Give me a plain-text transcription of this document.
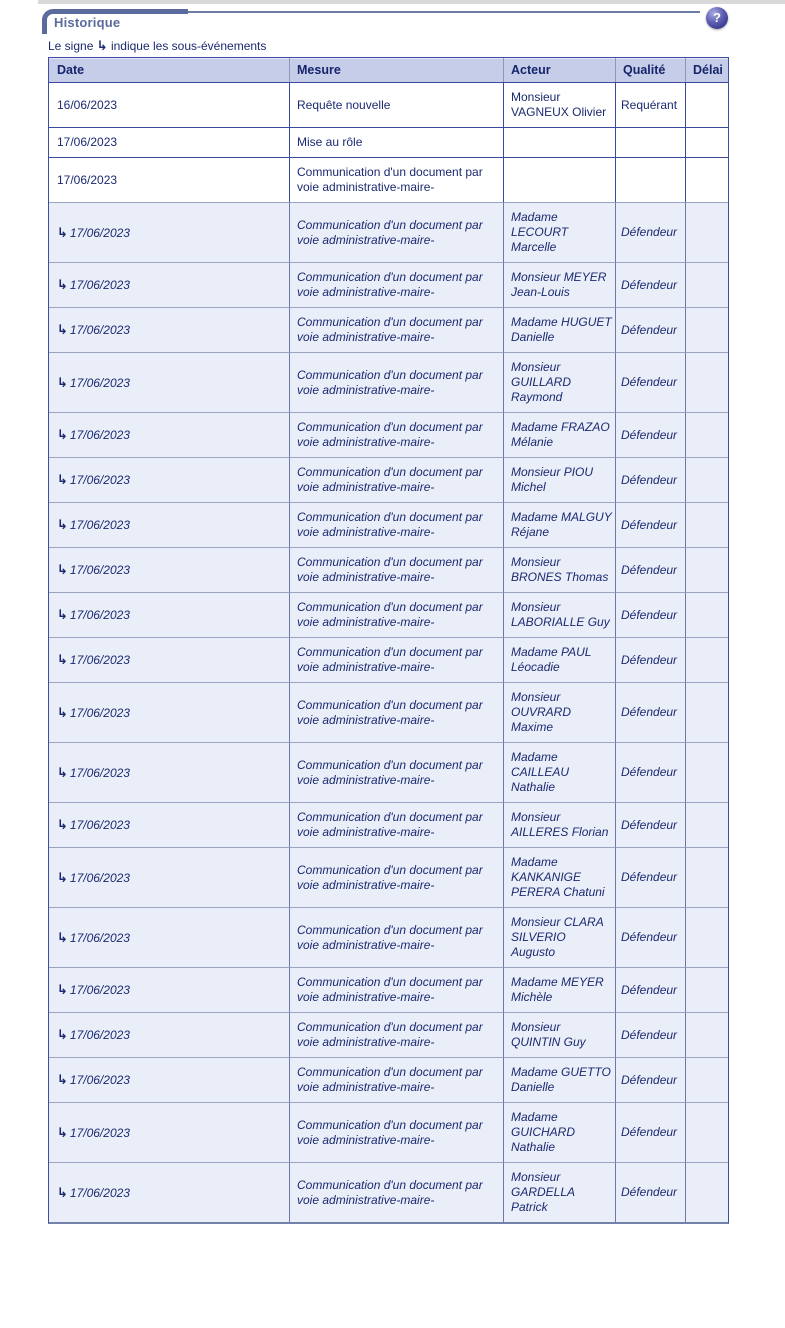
Historique	?
Le signe ↳ indique les sous-événements
Date	Mesure	Acteur	Qualité	Délai
16/06/2023	Requête nouvelle	Monsieur VAGNEUX Olivier	Requérant	
17/06/2023	Mise au rôle			
17/06/2023	Communication d'un document par voie administrative-maire-			
↳ 17/06/2023	Communication d'un document par voie administrative-maire-	Madame LECOURT Marcelle	Défendeur	
↳ 17/06/2023	Communication d'un document par voie administrative-maire-	Monsieur MEYER Jean-Louis	Défendeur	
↳ 17/06/2023	Communication d'un document par voie administrative-maire-	Madame HUGUET Danielle	Défendeur	
↳ 17/06/2023	Communication d'un document par voie administrative-maire-	Monsieur GUILLARD Raymond	Défendeur	
↳ 17/06/2023	Communication d'un document par voie administrative-maire-	Madame FRAZAO Mélanie	Défendeur	
↳ 17/06/2023	Communication d'un document par voie administrative-maire-	Monsieur PIOU Michel	Défendeur	
↳ 17/06/2023	Communication d'un document par voie administrative-maire-	Madame MALGUY Réjane	Défendeur	
↳ 17/06/2023	Communication d'un document par voie administrative-maire-	Monsieur BRONES Thomas	Défendeur	
↳ 17/06/2023	Communication d'un document par voie administrative-maire-	Monsieur LABORIALLE Guy	Défendeur	
↳ 17/06/2023	Communication d'un document par voie administrative-maire-	Madame PAUL Léocadie	Défendeur	
↳ 17/06/2023	Communication d'un document par voie administrative-maire-	Monsieur OUVRARD Maxime	Défendeur	
↳ 17/06/2023	Communication d'un document par voie administrative-maire-	Madame CAILLEAU Nathalie	Défendeur	
↳ 17/06/2023	Communication d'un document par voie administrative-maire-	Monsieur AILLERES Florian	Défendeur	
↳ 17/06/2023	Communication d'un document par voie administrative-maire-	Madame KANKANIGE PERERA Chatuni	Défendeur	
↳ 17/06/2023	Communication d'un document par voie administrative-maire-	Monsieur CLARA SILVERIO Augusto	Défendeur	
↳ 17/06/2023	Communication d'un document par voie administrative-maire-	Madame MEYER Michèle	Défendeur	
↳ 17/06/2023	Communication d'un document par voie administrative-maire-	Monsieur QUINTIN Guy	Défendeur	
↳ 17/06/2023	Communication d'un document par voie administrative-maire-	Madame GUETTO Danielle	Défendeur	
↳ 17/06/2023	Communication d'un document par voie administrative-maire-	Madame GUICHARD Nathalie	Défendeur	
↳ 17/06/2023	Communication d'un document par voie administrative-maire-	Monsieur GARDELLA Patrick	Défendeur	
